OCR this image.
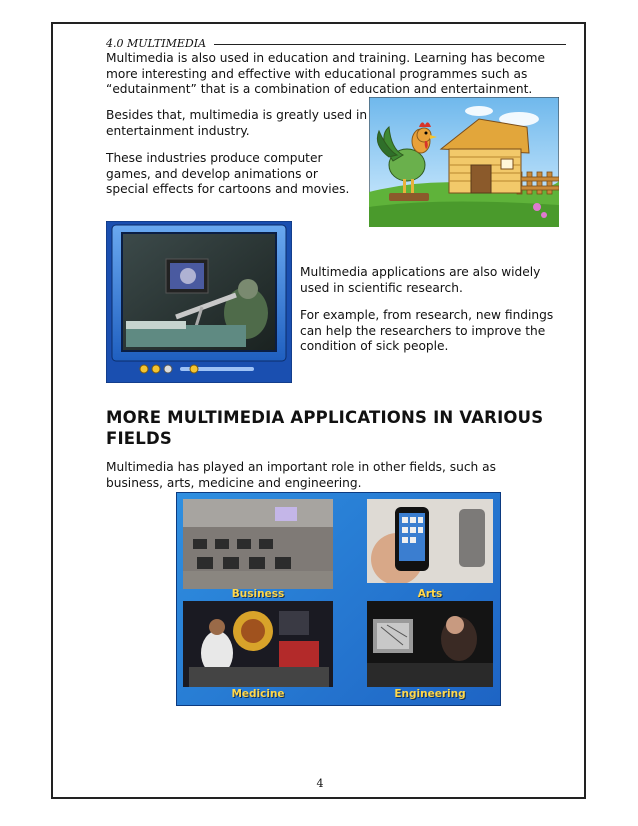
4.0 MULTIMEDIA

Multimedia is also used in education and training. Learning has become more interesting and effective with educational programmes such as “edutainment” that is a combination of education and entertainment.

Besides that, multimedia is greatly used in entertainment industry.

These industries produce computer games, and develop animations or special effects for cartoons and movies.

Multimedia applications are also widely used in scientific research.

For example, from research, new findings can help the researchers to improve the condition of sick people.

MORE MULTIMEDIA APPLICATIONS IN VARIOUS FIELDS

Multimedia has played an important role in other fields, such as business, arts, medicine and engineering.

Business	Arts
Medicine	Engineering
4
